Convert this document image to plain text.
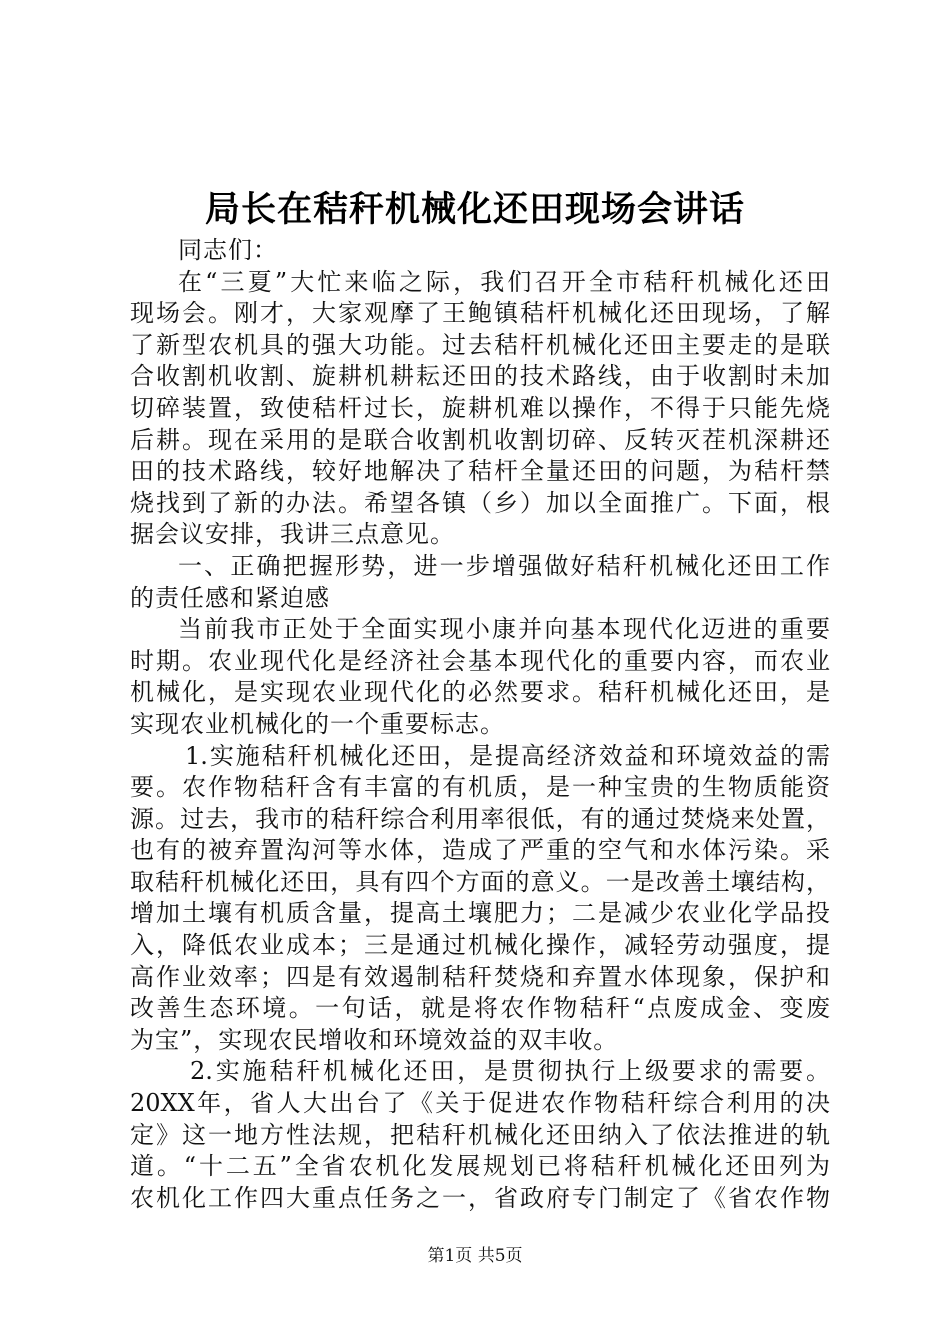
局长在秸秆机械化还田现场会讲话
同志们：
在“三夏”大忙来临之际，我们召开全市秸秆机械化还田
现场会。刚才，大家观摩了王鲍镇秸杆机械化还田现场，了解
了新型农机具的强大功能。过去秸杆机械化还田主要走的是联
合收割机收割、旋耕机耕耘还田的技术路线，由于收割时未加
切碎装置，致使秸杆过长，旋耕机难以操作，不得于只能先烧
后耕。现在采用的是联合收割机收割切碎、反转灭茬机深耕还
田的技术路线，较好地解决了秸杆全量还田的问题，为秸杆禁
烧找到了新的办法。希望各镇（乡）加以全面推广。下面，根
据会议安排，我讲三点意见。
一、正确把握形势，进一步增强做好秸秆机械化还田工作
的责任感和紧迫感
当前我市正处于全面实现小康并向基本现代化迈进的重要
时期。农业现代化是经济社会基本现代化的重要内容，而农业
机械化，是实现农业现代化的必然要求。秸秆机械化还田，是
实现农业机械化的一个重要标志。
1.实施秸秆机械化还田，是提高经济效益和环境效益的需
要。农作物秸秆含有丰富的有机质，是一种宝贵的生物质能资
源。过去，我市的秸秆综合利用率很低，有的通过焚烧来处置，
也有的被弃置沟河等水体，造成了严重的空气和水体污染。采
取秸秆机械化还田，具有四个方面的意义。一是改善土壤结构，
增加土壤有机质含量，提高土壤肥力；二是减少农业化学品投
入，降低农业成本；三是通过机械化操作，减轻劳动强度，提
高作业效率；四是有效遏制秸秆焚烧和弃置水体现象，保护和
改善生态环境。一句话，就是将农作物秸秆“点废成金、变废
为宝”，实现农民增收和环境效益的双丰收。
2.实施秸秆机械化还田，是贯彻执行上级要求的需要。
20XX年，省人大出台了《关于促进农作物秸秆综合利用的决
定》这一地方性法规，把秸秆机械化还田纳入了依法推进的轨
道。“十二五”全省农机化发展规划已将秸秆机械化还田列为
农机化工作四大重点任务之一，省政府专门制定了《省农作物
第1页 共5页
